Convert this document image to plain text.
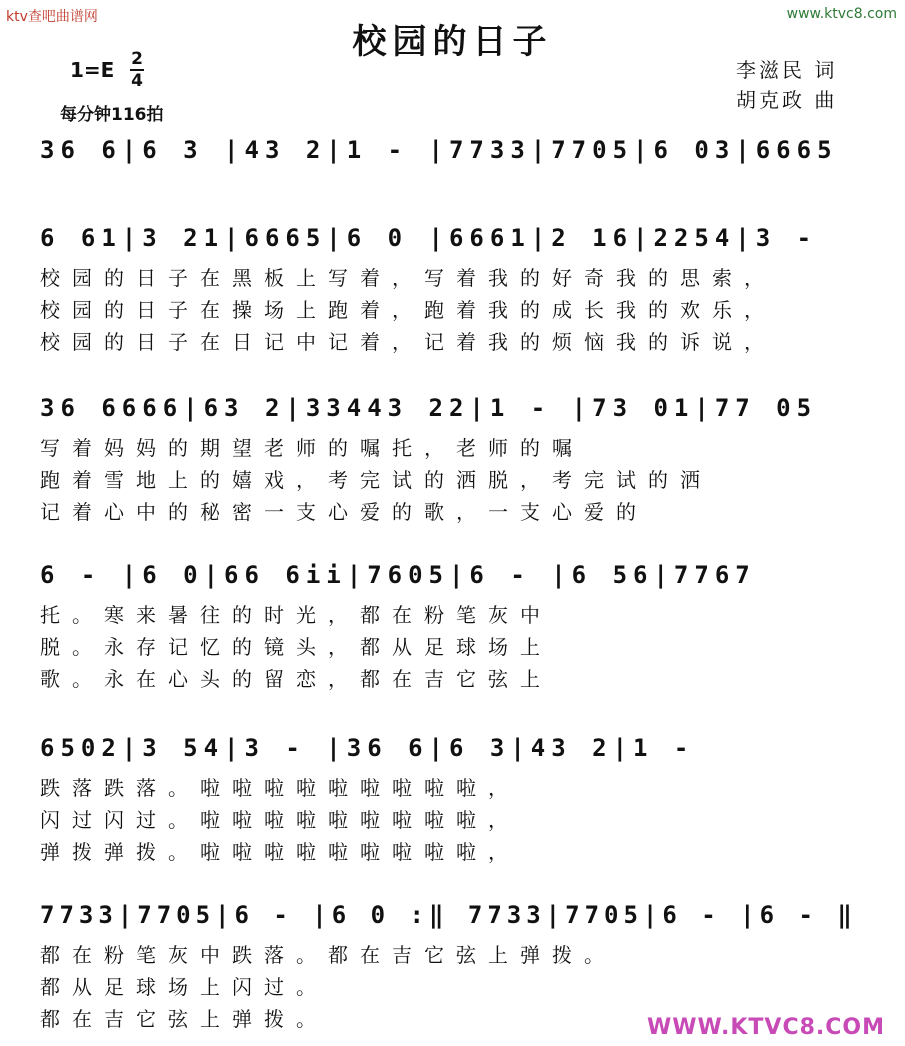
ktv查吧曲谱网	www.ktvc8.com
WWW.KTVC8.COM
校园的日子
1=E 2
4
每分钟116拍
李滋民 词
胡克政 曲
36 6|6 3 |43 2|1 - |7733|7705|6 03|6665
6 61|3 21|6665|6 0 |6661|2 16|2254|3 -
校园的日子在黑板上写着，写着我的好奇我的思索，
校园的日子在操场上跑着，跑着我的成长我的欢乐，
校园的日子在日记中记着，记着我的烦恼我的诉说，
36 6666|63 2|33443 22|1 - |73 01|77 05
写着妈妈的期望老师的嘱托，老师的嘱
跑着雪地上的嬉戏，考完试的洒脱，考完试的洒
记着心中的秘密一支心爱的歌，一支心爱的
6 - |6 0|66 6ii|7605|6 - |6 56|7767
托。寒来暑往的时光，都在粉笔灰中
脱。永存记忆的镜头，都从足球场上
歌。永在心头的留恋，都在吉它弦上
6502|3 54|3 - |36 6|6 3|43 2|1 -
跌落跌落。啦啦啦啦啦啦啦啦啦，
闪过闪过。啦啦啦啦啦啦啦啦啦，
弹拨弹拨。啦啦啦啦啦啦啦啦啦，
7733|7705|6 - |6 0 :‖ 7733|7705|6 - |6 - ‖
都在粉笔灰中跌落。都在吉它弦上弹拨。
都从足球场上闪过。
都在吉它弦上弹拨。
